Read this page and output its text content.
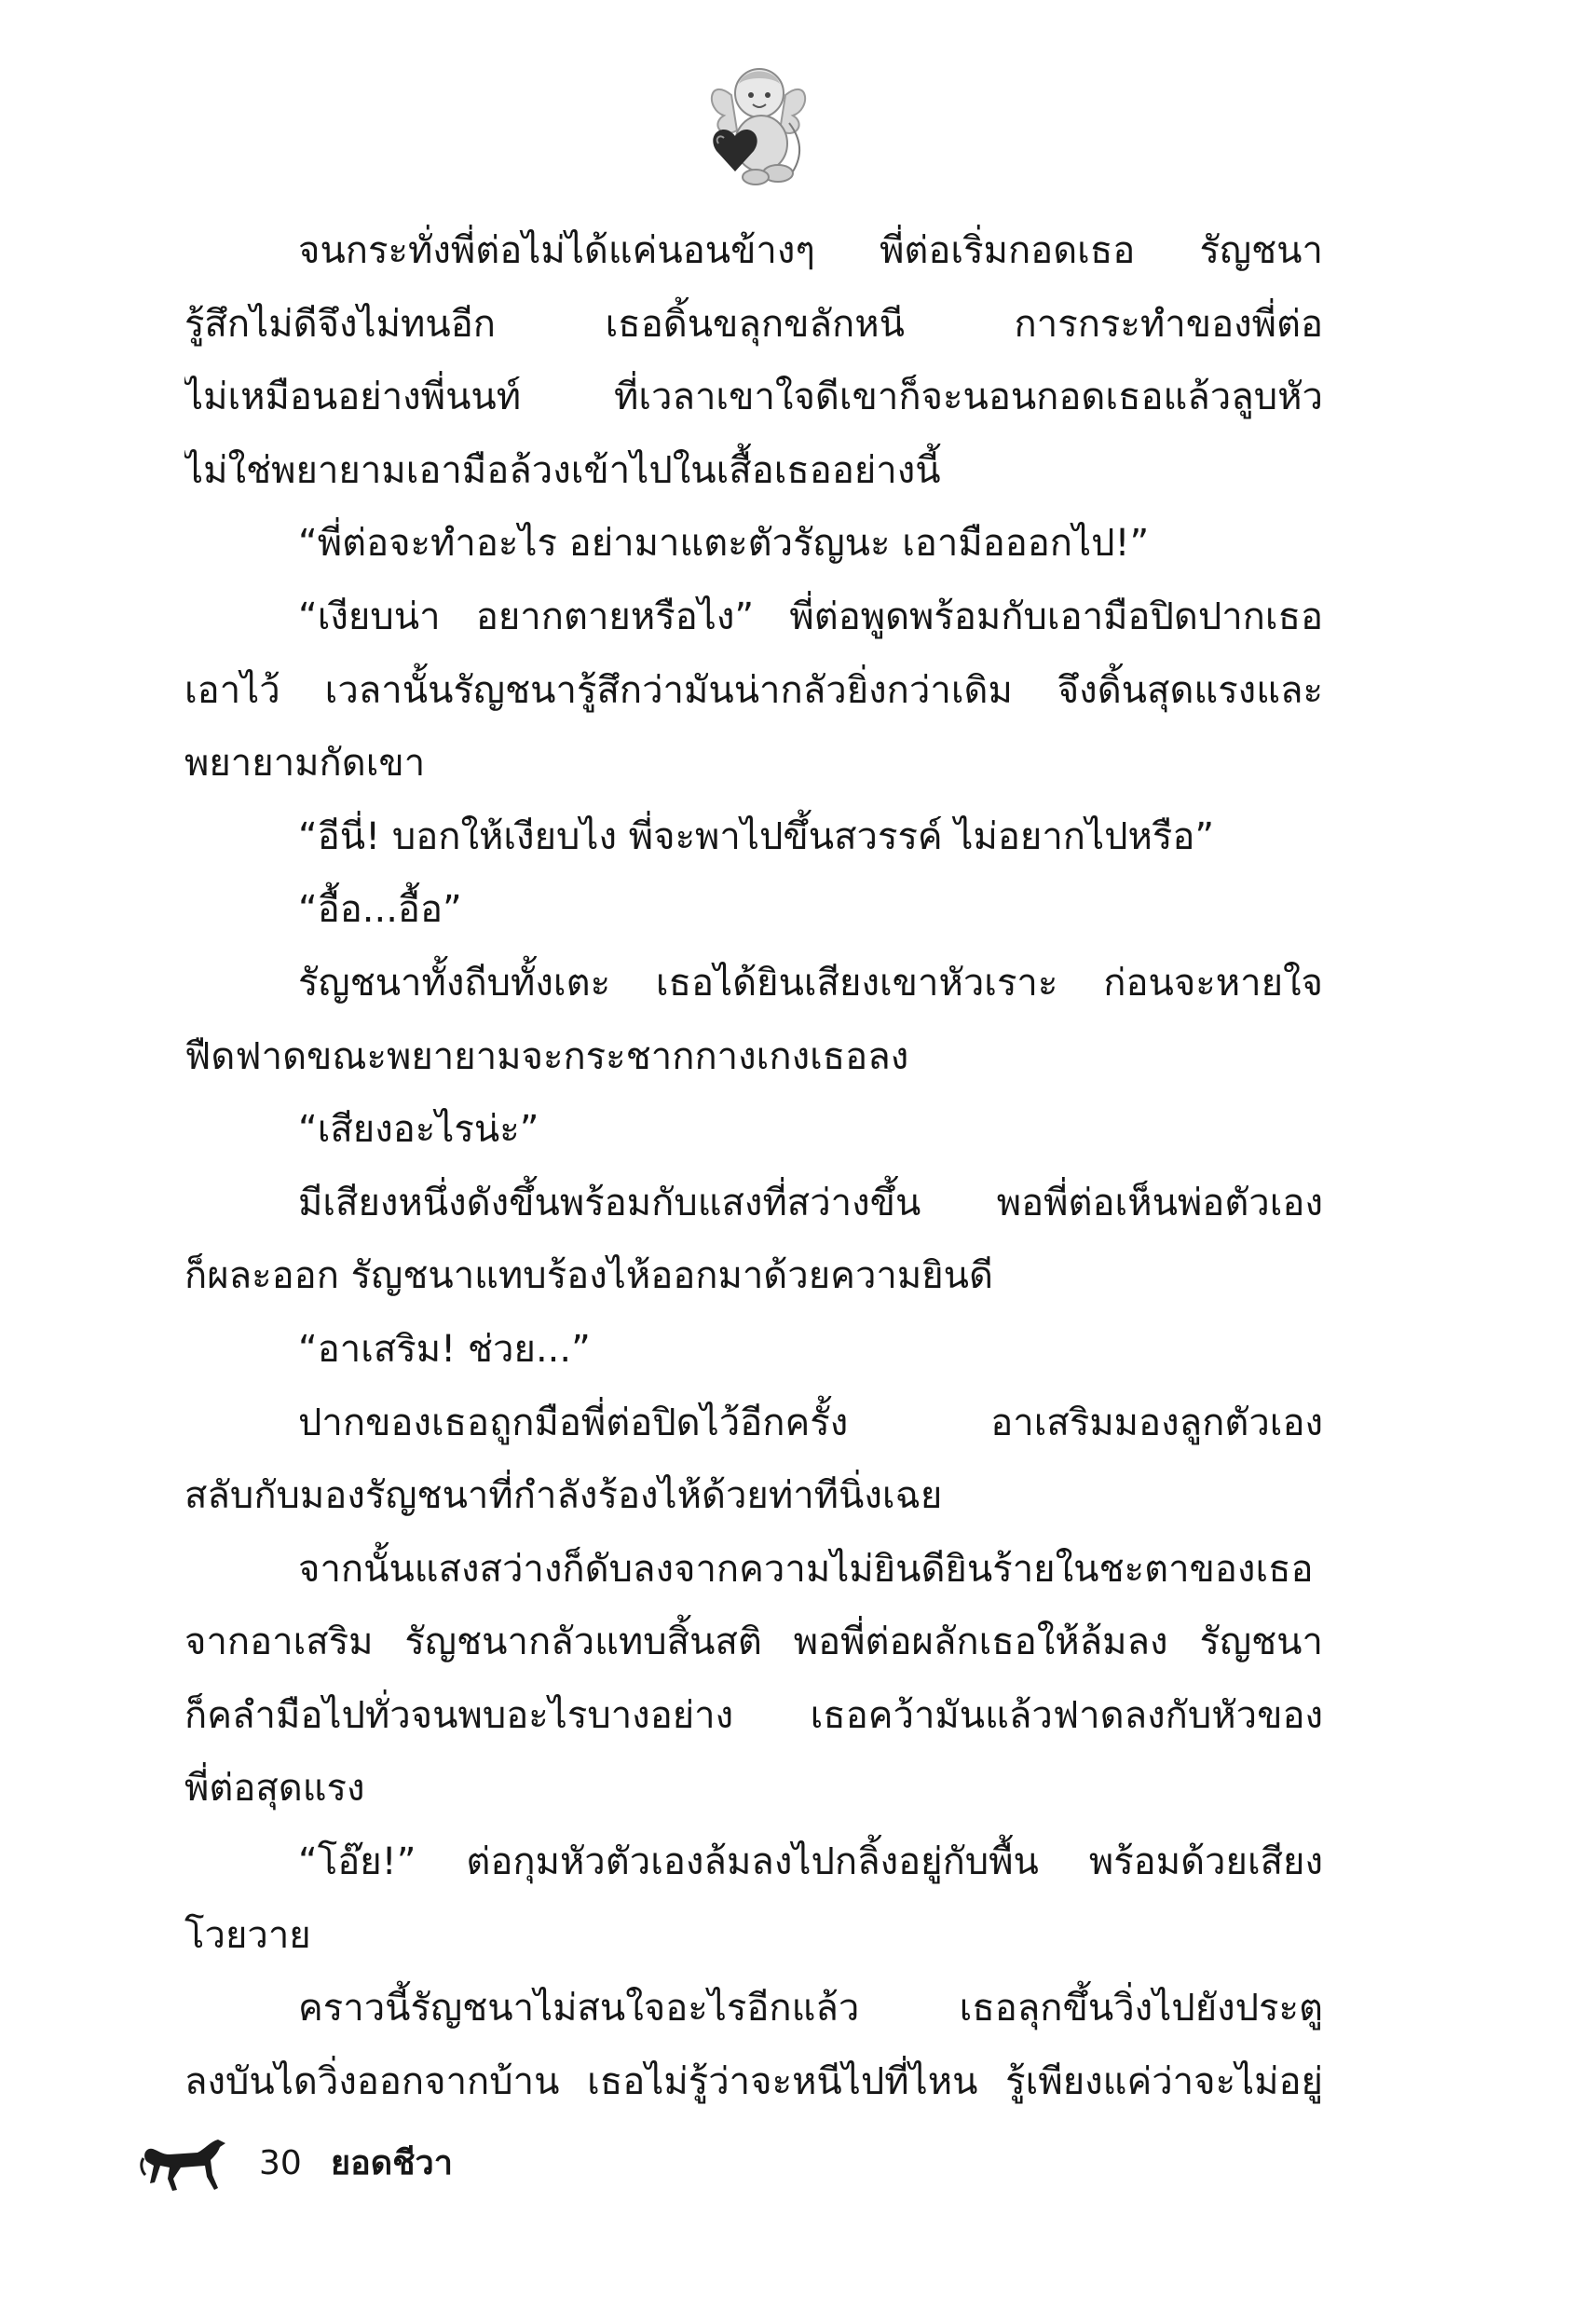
จนกระทั่งพี่ต่อไม่ได้แค่นอนข้างๆ พี่ต่อเริ่มกอดเธอ รัญชนา
รู้สึกไม่ดีจึงไม่ทนอีก เธอดิ้นขลุกขลักหนี การกระทำของพี่ต่อ
ไม่เหมือนอย่างพี่นนท์ ที่เวลาเขาใจดีเขาก็จะนอนกอดเธอแล้วลูบหัว
ไม่ใช่พยายามเอามือล้วงเข้าไปในเสื้อเธออย่างนี้
“พี่ต่อจะทำอะไร อย่ามาแตะตัวรัญนะ เอามือออกไป!”
“เงียบน่า อยากตายหรือไง” พี่ต่อพูดพร้อมกับเอามือปิดปากเธอ
เอาไว้ เวลานั้นรัญชนารู้สึกว่ามันน่ากลัวยิ่งกว่าเดิม จึงดิ้นสุดแรงและ
พยายามกัดเขา
“อีนี่! บอกให้เงียบไง พี่จะพาไปขึ้นสวรรค์ ไม่อยากไปหรือ”
“อื้อ...อื้อ”
รัญชนาทั้งถีบทั้งเตะ เธอได้ยินเสียงเขาหัวเราะ ก่อนจะหายใจ
ฟืดฟาดขณะพยายามจะกระชากกางเกงเธอลง
“เสียงอะไรน่ะ”
มีเสียงหนึ่งดังขึ้นพร้อมกับแสงที่สว่างขึ้น พอพี่ต่อเห็นพ่อตัวเอง
ก็ผละออก รัญชนาแทบร้องไห้ออกมาด้วยความยินดี
“อาเสริม! ช่วย...”
ปากของเธอถูกมือพี่ต่อปิดไว้อีกครั้ง อาเสริมมองลูกตัวเอง
สลับกับมองรัญชนาที่กำลังร้องไห้ด้วยท่าทีนิ่งเฉย
จากนั้นแสงสว่างก็ดับลงจากความไม่ยินดียินร้ายในชะตาของเธอ
จากอาเสริม รัญชนากลัวแทบสิ้นสติ พอพี่ต่อผลักเธอให้ล้มลง รัญชนา
ก็คลำมือไปทั่วจนพบอะไรบางอย่าง เธอคว้ามันแล้วฟาดลงกับหัวของ
พี่ต่อสุดแรง
“โอ๊ย!” ต่อกุมหัวตัวเองล้มลงไปกลิ้งอยู่กับพื้น พร้อมด้วยเสียง
โวยวาย
คราวนี้รัญชนาไม่สนใจอะไรอีกแล้ว เธอลุกขึ้นวิ่งไปยังประตู
ลงบันไดวิ่งออกจากบ้าน เธอไม่รู้ว่าจะหนีไปที่ไหน รู้เพียงแค่ว่าจะไม่อยู่
30 ยอดชีวา
